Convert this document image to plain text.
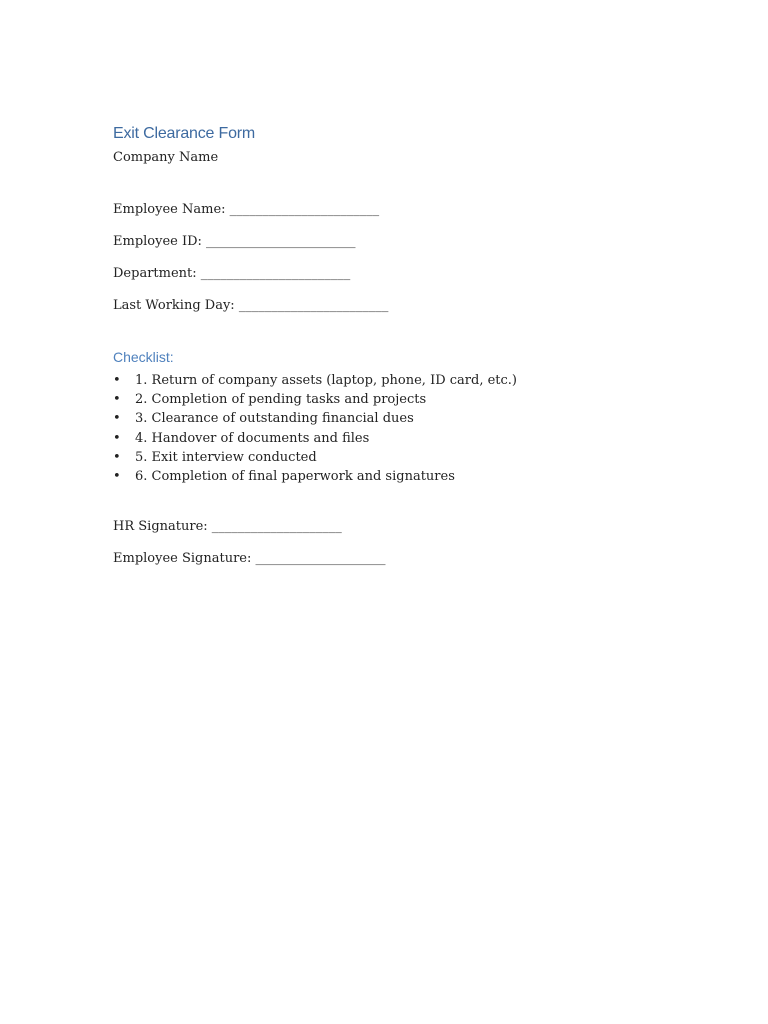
Exit Clearance Form
Company Name
Employee Name: _______________________
Employee ID: _______________________
Department: _______________________
Last Working Day: _______________________
Checklist:
• 1. Return of company assets (laptop, phone, ID card, etc.)
• 2. Completion of pending tasks and projects
• 3. Clearance of outstanding financial dues
• 4. Handover of documents and files
• 5. Exit interview conducted
• 6. Completion of final paperwork and signatures
HR Signature: ____________________
Employee Signature: ____________________
